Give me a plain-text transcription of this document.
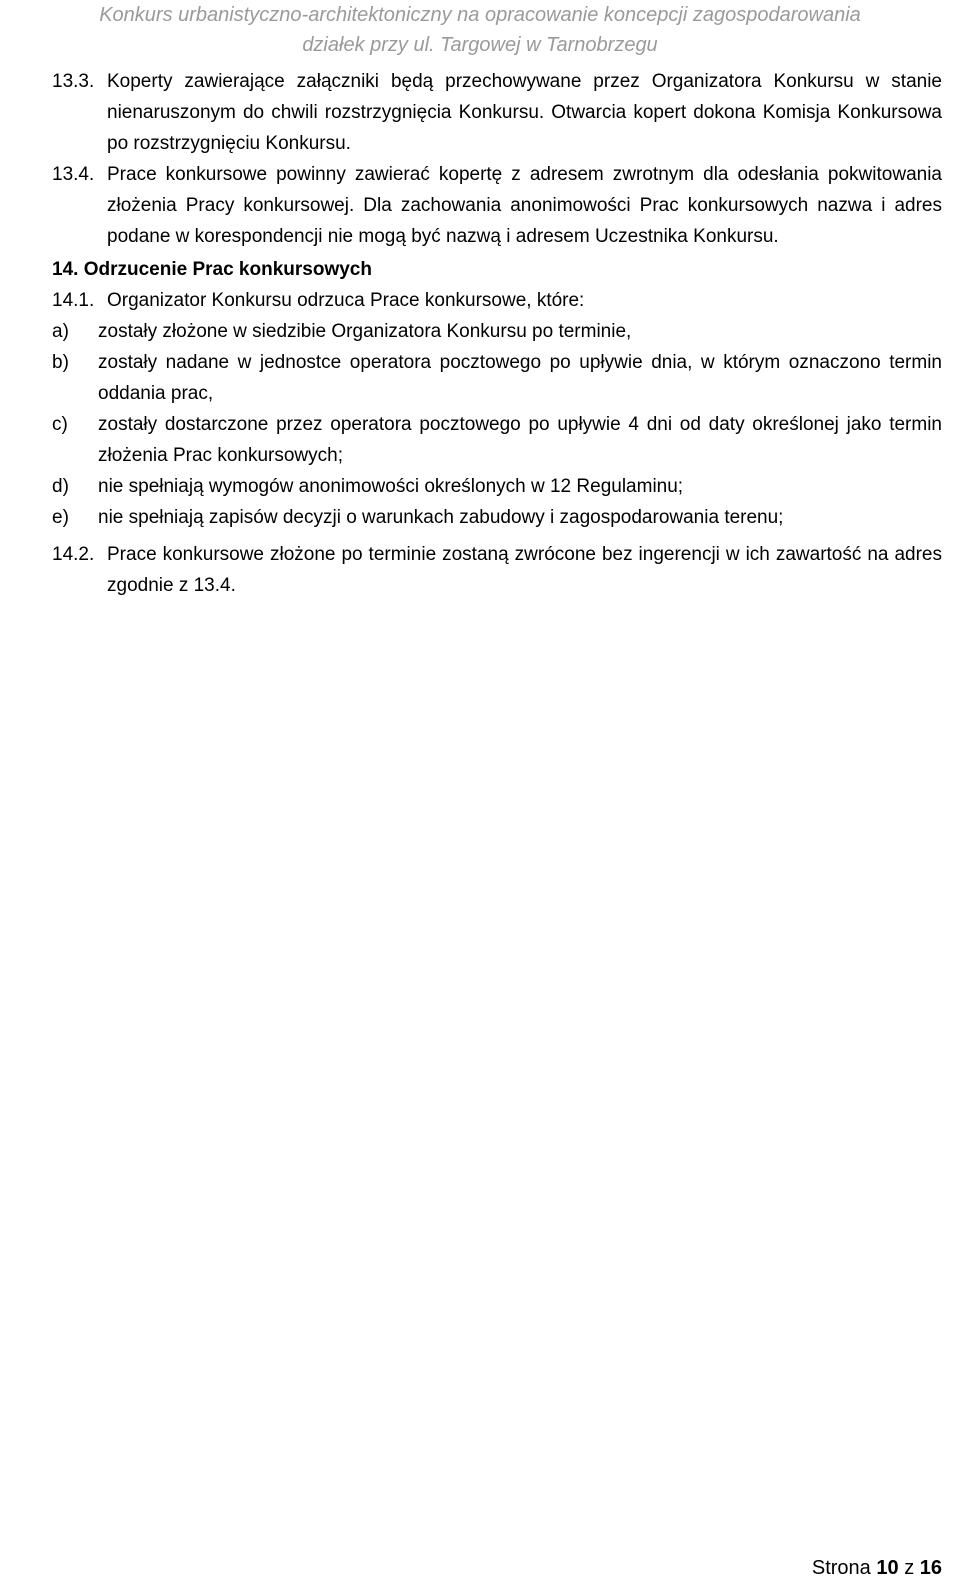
Konkurs urbanistyczno-architektoniczny na opracowanie koncepcji zagospodarowania
działek przy ul. Targowej w Tarnobrzegu

13.3. Koperty zawierające załączniki będą przechowywane przez Organizatora Konkursu w stanie nienaruszonym do chwili rozstrzygnięcia Konkursu. Otwarcia kopert dokona Komisja Konkursowa po rozstrzygnięciu Konkursu.

13.4. Prace konkursowe powinny zawierać kopertę z adresem zwrotnym dla odesłania pokwitowania złożenia Pracy konkursowej. Dla zachowania anonimowości Prac konkursowych nazwa i adres podane w korespondencji nie mogą być nazwą i adresem Uczestnika Konkursu.

14. Odrzucenie Prac konkursowych

14.1. Organizator Konkursu odrzuca Prace konkursowe, które:

a) zostały złożone w siedzibie Organizatora Konkursu po terminie,

b) zostały nadane w jednostce operatora pocztowego po upływie dnia, w którym oznaczono termin oddania prac,

c) zostały dostarczone przez operatora pocztowego po upływie 4 dni od daty określonej jako termin złożenia Prac konkursowych;

d) nie spełniają wymogów anonimowości określonych w 12 Regulaminu;

e) nie spełniają zapisów decyzji o warunkach zabudowy i zagospodarowania terenu;

14.2. Prace konkursowe złożone po terminie zostaną zwrócone bez ingerencji w ich zawartość na adres zgodnie z 13.4.

Strona 10 z 16
